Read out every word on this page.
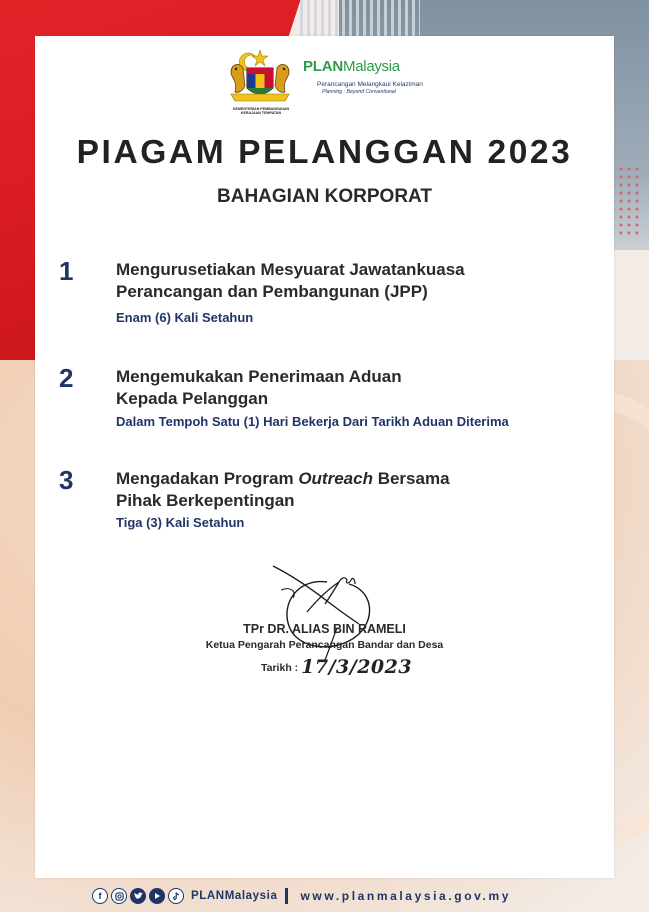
KEMENTERIAN PEMBANGUNAN KERAJAAN TEMPATAN
PLANMalaysia
Perancangan Melangkaui Kelaziman
Planning : Beyond Conventional
PIAGAM PELANGGAN 2023
BAHAGIAN KORPORAT
1	Mengurusetiakan Mesyuarat Jawatankuasa
Perancangan dan Pembangunan (JPP)
Enam (6) Kali Setahun
2	Mengemukakan Penerimaan Aduan
Kepada Pelanggan
Dalam Tempoh Satu (1) Hari Bekerja Dari Tarikh Aduan Diterima
3	Mengadakan Program Outreach Bersama
Pihak Berkepentingan
Tiga (3) Kali Setahun
TPr DR. ALIAS BIN RAMELI
Ketua Pengarah Perancangan Bandar dan Desa
Tarikh : 17/3/2023
f	PLANMalaysia www.planmalaysia.gov.my
